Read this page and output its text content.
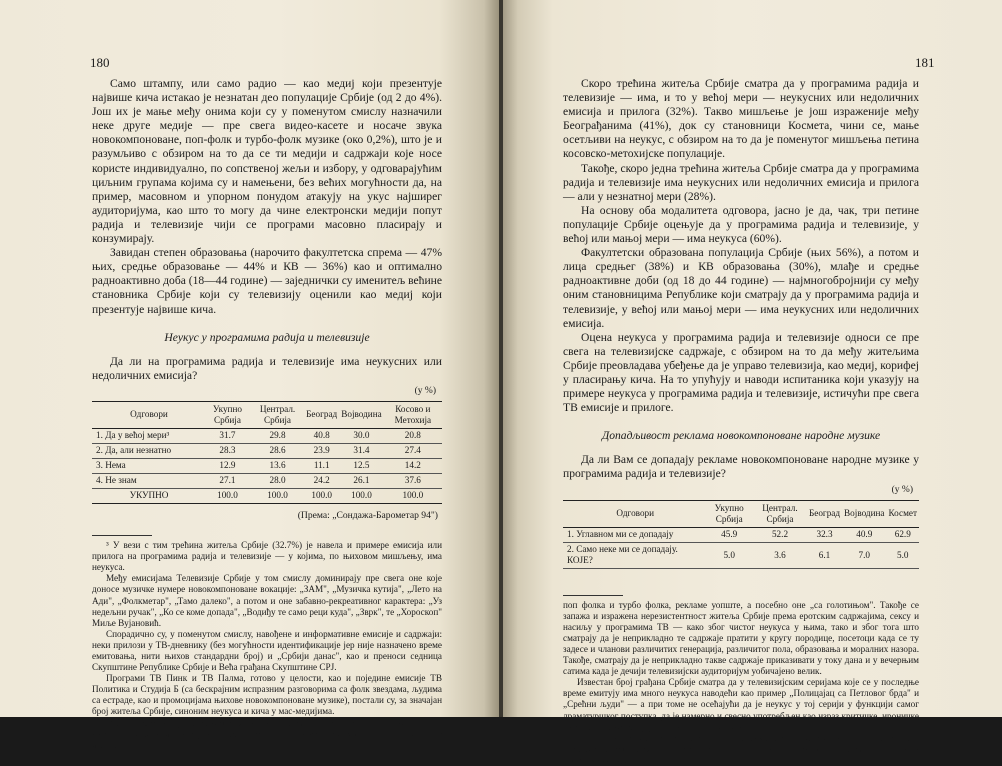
180

Само штампу, или само радио — као медиј који презентује највише кича истакао је незнатан део популације Србије (од 2 до 4%). Још их је мање међу онима који су у поменутом смислу назначили неке друге медије — пре свега видео-касете и носаче звука новокомпоноване, поп-фолк и турбо-фолк музике (око 0,2%), што је и разумљиво с обзиром на то да се ти медији и садржаји које носе користе индивидуално, по сопственој жељи и избору, у одговарајућим циљним групама којима су и намењени, без већих могућности да, на пример, масовном и упорном понудом атакују на укус најширег аудиторијума, као што то могу да чине електронски медији попут радија и телевизије чији се програми масовно пласирају и конзумирају.

Завидан степен образовања (нарочито факултетска спрема — 47% њих, средње образовање — 44% и КВ — 36%) као и оптимално радноактивно доба (18—44 године) — заједнички су именитељ већине становника Србије који су телевизију оценили као медиј који презентује највише кича.

Неукус у програмима радија и телевизије

Да ли на програмима радија и телевизије има неукусних или недоличних емисија?

(у %)
Одговори	Укупно Србија	Централ. Србија	Београд	Војводина	Косово и Метохија
1. Да у већој мери³	31.7	29.8	40.8	30.0	20.8
2. Да, али незнатно	28.3	28.6	23.9	31.4	27.4
3. Нема	12.9	13.6	11.1	12.5	14.2
4. Не знам	27.1	28.0	24.2	26.1	37.6
УКУПНО	100.0	100.0	100.0	100.0	100.0
(Према: „Сондажа-Барометар 94")

³ У вези с тим трећина житеља Србије (32.7%) је навела и примере емисија или прилога на програмима радија и телевизије — у којима, по њиховом мишљењу, има неукуса.

Међу емисијама Телевизије Србије у том смислу доминирају пре свега оне које доносе музичке нумере новокомпоноване вокације: „ЗАМ", „Музичка кутија", „Лето на Ади", „Фолкметар", „Тамо далеко", а потом и оне забавно-рекреативног карактера: „Уз недељни ручак", „Ко се коме допада", „Водиђу те само реци куда", „Зврк", те „Хороскоп" Миље Вујановић.

Спорадично су, у поменутом смислу, навођене и информативне емисије и садржаји: неки прилози у ТВ-дневнику (без могућности идентификације јер није назначено време емитовања, нити њихов стандардни број) и „Србији данас", као и преноси седница Скупштине Републике Србије и Већа грађана Скупштине СРЈ.

Програми ТВ Пинк и ТВ Палма, готово у целости, као и поједине емисије ТВ Политика и Студија Б (са бескрајним испразним разговорима са фолк звездама, људима са естраде, као и промоцијама њихове новокомпоноване музике), постали су, за значајан број житеља Србије, синоним неукуса и кича у мас-медијима.

Међу прилозима у програмима радија и телевизије који су избили у сам врх топ-листе неукуса доминирају музички спотови, нарочито новокомпонованог народног мелоса,

181

Скоро трећина житеља Србије сматра да у програмима радија и телевизије — има, и то у већој мери — неукусних или недоличних емисија и прилога (32%). Такво мишљење је још израженије међу Београђанима (41%), док су становници Космета, чини се, мање осетљиви на неукус, с обзиром на то да је поменутог мишљења петина косовско-метохијске популације.

Такође, скоро једна трећина житеља Србије сматра да у програмима радија и телевизије има неукусних или недоличних емисија и прилога — али у незнатној мери (28%).

На основу оба модалитета одговора, јасно је да, чак, три петине популације Србије оцењује да у програмима радија и телевизије, у већој или мањој мери — има неукуса (60%).

Факултетски образована популација Србије (њих 56%), а потом и лица средњег (38%) и КВ образовања (30%), млађе и средње радноактивне доби (од 18 до 44 године) — најмногобројнији су међу оним становницима Републике који сматрају да у програмима радија и телевизије, у већој или мањој мери — има неукусних или недоличних емисија.

Оцена неукуса у програмима радија и телевизије односи се пре свега на телевизијске садржаје, с обзиром на то да међу житељима Србије преовладава убеђење да је управо телевизија, као медиј, корифеј у пласирању кича. На то упућују и наводи испитаника који указују на примере неукуса у програмима радија и телевизије, истичући пре свега ТВ емисије и прилоге.

Допадљивост реклама новокомпоноване народне музике

Да ли Вам се допадају рекламе новокомпоноване народне музике у програмима радија и телевизије?

(у %)
Одговори	Укупно Србија	Централ. Србија	Београд	Војводина	Космет
1. Углавном ми се допадају	45.9	52.2	32.3	40.9	62.9
2. Само неке ми се допадају. КОЈЕ?	5.0	3.6	6.1	7.0	5.0

поп фолка и турбо фолка, рекламе уопште, а посебно оне „са голотињом". Такође се запажа и изражена нерезистентност житеља Србије према еротским садржајима, сексу и насиљу у програмима ТВ — како због чистог неукуса у њима, тако и због тога што сматрају да је неприкладно те садржаје пратити у кругу породице, посетоци када се ту задесе и чланови различитих генерација, различитог пола, образовања и моралних назора. Такође, сматрају да је неприкладно такве садржаје приказивати у току дана и у вечерњим сатима када је дечији телевизијски аудиторијум уобичајено велик.

Известан број грађана Србије сматра да у телевизијским серијама које се у последње време емитују има много неукуса наводећи као пример „Полицајац са Петловог брда" и „Срећни људи" — а при томе не осећајући да је неукус у тој серији у функцији самог драматуршког поступка, да је намерно и свесно употребљен као израз критичке, ироничке дистанце према кичу у нашем животном окружењу.

Било је и примедаба на неукусно и непримерено понашање и начин вербалне и невербалне комуникације водитеља, пре свега у програмима телевизије, али и у програмима радија.
